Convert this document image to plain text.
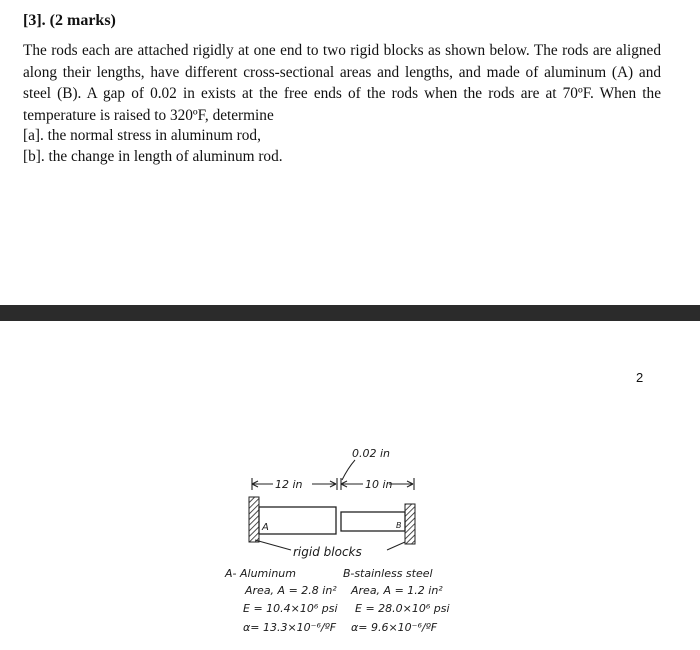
[3]. (2 marks)

The rods each are attached rigidly at one end to two rigid blocks as shown below. The rods are aligned along their lengths, have different cross-sectional areas and lengths, and made of aluminum (A) and steel (B). A gap of 0.02 in exists at the free ends of the rods when the rods are at 70ºF. When the temperature is raised to 320ºF, determine

[a]. the normal stress in aluminum rod,
[b]. the change in length of aluminum rod.
2
0.02 in
12 in	10 in
A	B
rigid blocks
A- Aluminum
Area, A = 2.8 in²
E = 10.4×10⁶ psi
α= 13.3×10⁻⁶/ºF
B-stainless steel
Area, A = 1.2 in²
E = 28.0×10⁶ psi
α= 9.6×10⁻⁶/ºF
